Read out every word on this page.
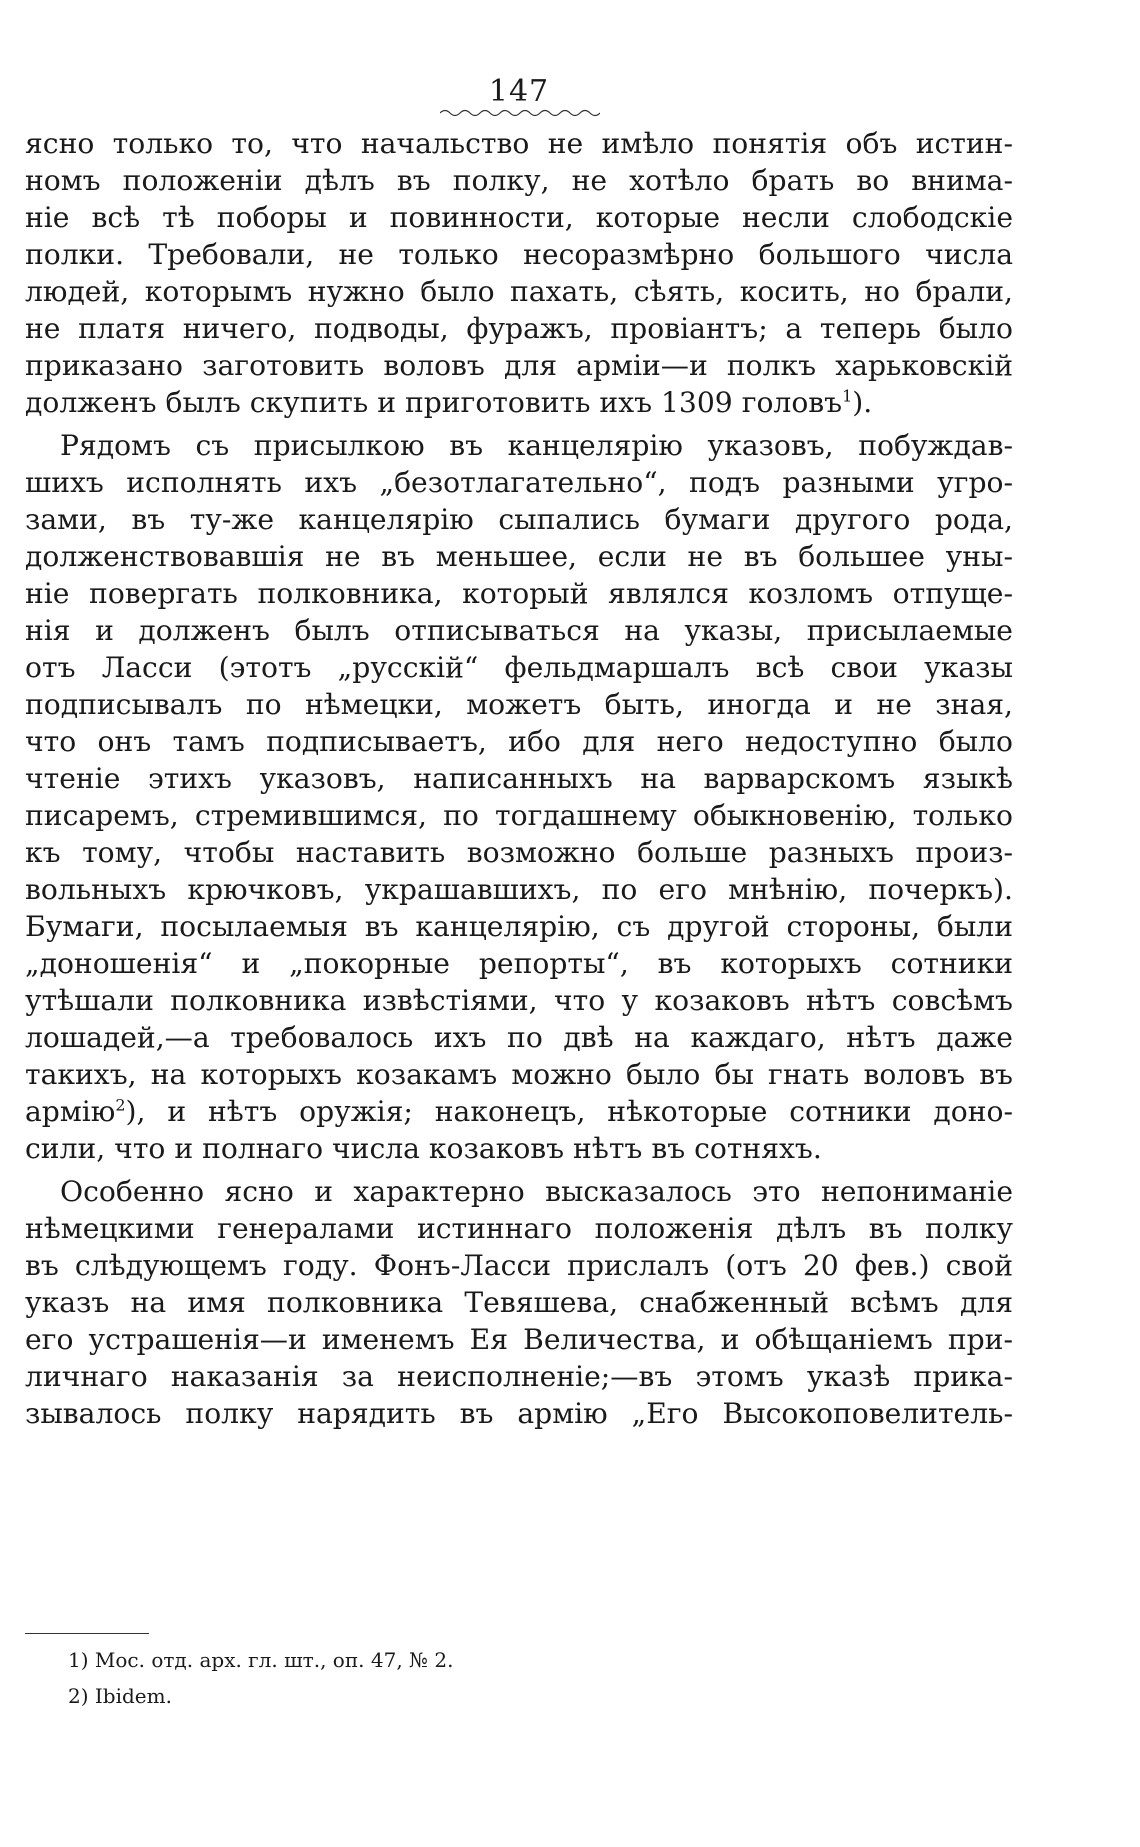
147
ясно только то, что начальство не имѣло понятія объ истин-
номъ положеніи дѣлъ въ полку, не хотѣло брать во внима-
ніе всѣ тѣ поборы и повинности, которые несли слободскіе
полки. Требовали, не только несоразмѣрно большого числа
людей, которымъ нужно было пахать, сѣять, косить, но брали,
не платя ничего, подводы, фуражъ, провіантъ; а теперь было
приказано заготовить воловъ для арміи—и полкъ харьковскій
долженъ былъ скупить и приготовить ихъ 1309 головъ$^1$).
Рядомъ съ присылкою въ канцелярію указовъ, побуждав-
шихъ исполнять ихъ „безотлагательно“, подъ разными угро-
зами, въ ту-же канцелярію сыпались бумаги другого рода,
долженствовавшія не въ меньшее, если не въ большее уны-
ніе повергать полковника, который являлся козломъ отпуще-
нія и долженъ былъ отписываться на указы, присылаемые
отъ Ласси (этотъ „русскій“ фельдмаршалъ всѣ свои указы
подписывалъ по нѣмецки, можетъ быть, иногда и не зная,
что онъ тамъ подписываетъ, ибо для него недоступно было
чтеніе этихъ указовъ, написанныхъ на варварскомъ языкѣ
писаремъ, стремившимся, по тогдашнему обыкновенію, только
къ тому, чтобы наставить возможно больше разныхъ произ-
вольныхъ крючковъ, украшавшихъ, по его мнѣнію, почеркъ).
Бумаги, посылаемыя въ канцелярію, съ другой стороны, были
„доношенія“ и „покорные репорты“, въ которыхъ сотники
утѣшали полковника извѣстіями, что у козаковъ нѣтъ совсѣмъ
лошадей,—а требовалось ихъ по двѣ на каждаго, нѣтъ даже
такихъ, на которыхъ козакамъ можно было бы гнать воловъ въ
армію$^2$), и нѣтъ оружія; наконецъ, нѣкоторые сотники доно-
сили, что и полнаго числа козаковъ нѣтъ въ сотняхъ.
Особенно ясно и характерно высказалось это непониманіе
нѣмецкими генералами истиннаго положенія дѣлъ въ полку
въ слѣдующемъ году. Фонъ-Ласси прислалъ (отъ 20 фев.) свой
указъ на имя полковника Тевяшева, снабженный всѣмъ для
его устрашенія—и именемъ Ея Величества, и обѣщаніемъ при-
личнаго наказанія за неисполненіе;—въ этомъ указѣ прика-
зывалось полку нарядить въ армію „Его Высокоповелитель-
1) Мос. отд. арх. гл. шт., оп. 47, № 2.
2) Ibidem.
